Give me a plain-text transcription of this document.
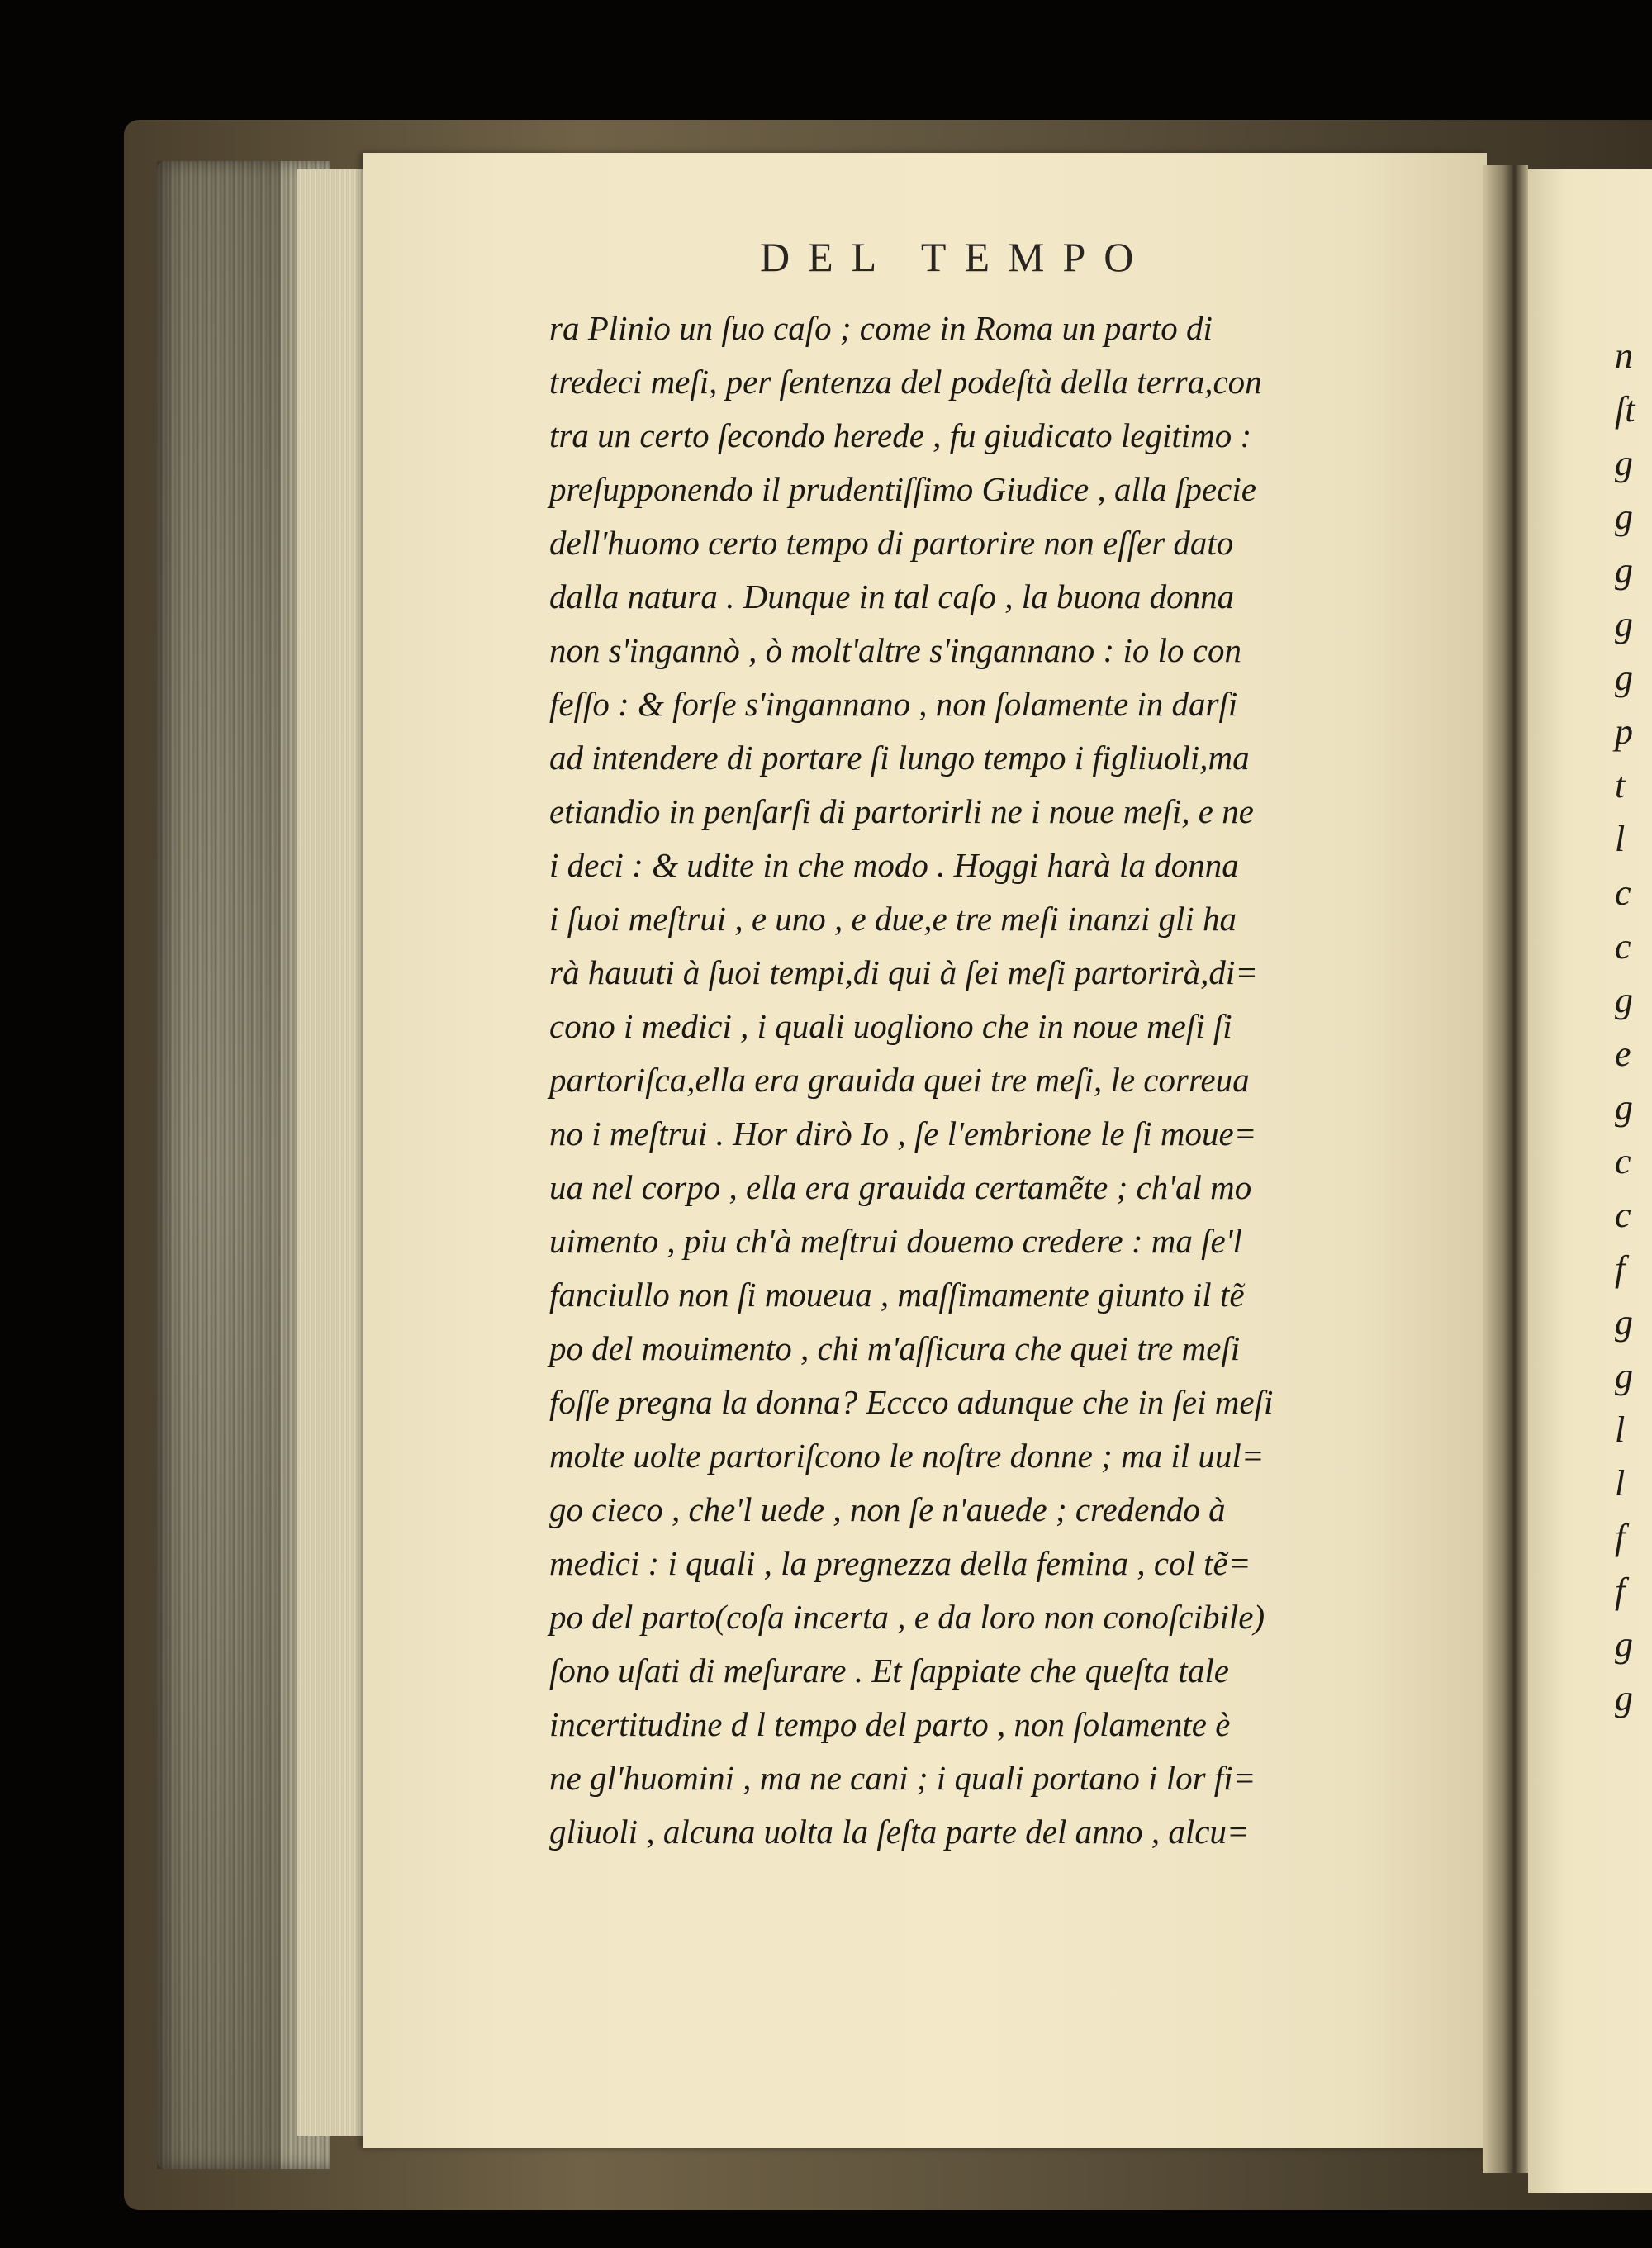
DEL TEMPO
ra Plinio un ſuo caſo ; come in Roma un parto di
tredeci meſi, per ſentenza del podeſtà della terra,con
tra un certo ſecondo herede , fu giudicato legitimo :
preſupponendo il prudentiſſimo Giudice , alla ſpecie
dell'huomo certo tempo di partorire non eſſer dato
dalla natura . Dunque in tal caſo , la buona donna
non s'ingannò , ò molt'altre s'ingannano : io lo con
feſſo : & forſe s'ingannano , non ſolamente in darſi
ad intendere di portare ſi lungo tempo i figliuoli,ma
etiandio in penſarſi di partorirli ne i noue meſi, e ne
i deci : & udite in che modo . Hoggi harà la donna
i ſuoi meſtrui , e uno , e due,e tre meſi inanzi gli ha
rà hauuti à ſuoi tempi,di qui à ſei meſi partorirà,di=
cono i medici , i quali uogliono che in noue meſi ſi
partoriſca,ella era grauida quei tre meſi, le correua
no i meſtrui . Hor dirò Io , ſe l'embrione le ſi moue=
ua nel corpo , ella era grauida certamẽte ; ch'al mo
uimento , piu ch'à meſtrui douemo credere : ma ſe'l
fanciullo non ſi moueua , maſſimamente giunto il tẽ
po del mouimento , chi m'aſſicura che quei tre meſi
foſſe pregna la donna? Eccco adunque che in ſei meſi
molte uolte partoriſcono le noſtre donne ; ma il uul=
go cieco , che'l uede , non ſe n'auede ; credendo à
medici : i quali , la pregnezza della femina , col tẽ=
po del parto(coſa incerta , e da loro non conoſcibile)
ſono uſati di meſurare . Et ſappiate che queſta tale
incertitudine d l tempo del parto , non ſolamente è
ne gl'huomini , ma ne cani ; i quali portano i lor fi=
gliuoli , alcuna uolta la ſeſta parte del anno , alcu=
n
ſt
g
g
g
g
g
p
t
l
c
c
g
e
g
c
c
f
g
g
l
l
f
f
g
g
